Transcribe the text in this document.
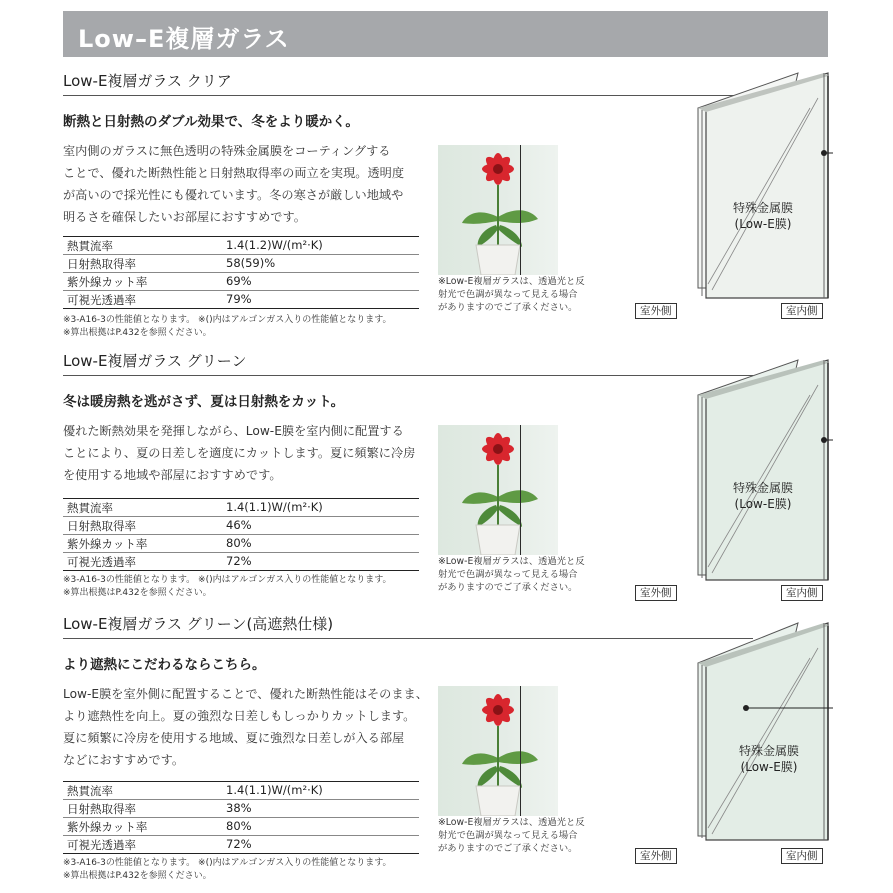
Low–E複層ガラス
Low-E複層ガラス クリア
断熱と日射熱のダブル効果で、冬をより暖かく。
室内側のガラスに無色透明の特殊金属膜をコーティングする
ことで、優れた断熱性能と日射熱取得率の両立を実現。透明度
が高いので採光性にも優れています。冬の寒さが厳しい地域や
明るさを確保したいお部屋におすすめです。
熱貫流率	1.4(1.2)W/(m²·K)
日射熱取得率	58(59)%
紫外線カット率	69%
可視光透過率	79%
※3-A16-3の性能値となります。 ※()内はアルゴンガス入りの性能値となります。
※算出根拠はP.432を参照ください。
※Low-E複層ガラスは、透過光と反
射光で色調が異なって見える場合
がありますのでご了承ください。
特殊金属膜
(Low-E膜)
室外側	室内側
Low-E複層ガラス グリーン
冬は暖房熱を逃がさず、夏は日射熱をカット。
優れた断熱効果を発揮しながら、Low-E膜を室内側に配置する
ことにより、夏の日差しを適度にカットします。夏に頻繁に冷房
を使用する地域や部屋におすすめです。
熱貫流率	1.4(1.1)W/(m²·K)
日射熱取得率	46%
紫外線カット率	80%
可視光透過率	72%
※3-A16-3の性能値となります。 ※()内はアルゴンガス入りの性能値となります。
※算出根拠はP.432を参照ください。
※Low-E複層ガラスは、透過光と反
射光で色調が異なって見える場合
がありますのでご了承ください。
特殊金属膜
(Low-E膜)
室外側	室内側
Low-E複層ガラス グリーン(高遮熱仕様)
より遮熱にこだわるならこちら。
Low-E膜を室外側に配置することで、優れた断熱性能はそのまま、
より遮熱性を向上。夏の強烈な日差しもしっかりカットします。
夏に頻繁に冷房を使用する地域、夏に強烈な日差しが入る部屋
などにおすすめです。
熱貫流率	1.4(1.1)W/(m²·K)
日射熱取得率	38%
紫外線カット率	80%
可視光透過率	72%
※3-A16-3の性能値となります。 ※()内はアルゴンガス入りの性能値となります。
※算出根拠はP.432を参照ください。
※Low-E複層ガラスは、透過光と反
射光で色調が異なって見える場合
がありますのでご了承ください。
特殊金属膜
(Low-E膜)
室外側	室内側
